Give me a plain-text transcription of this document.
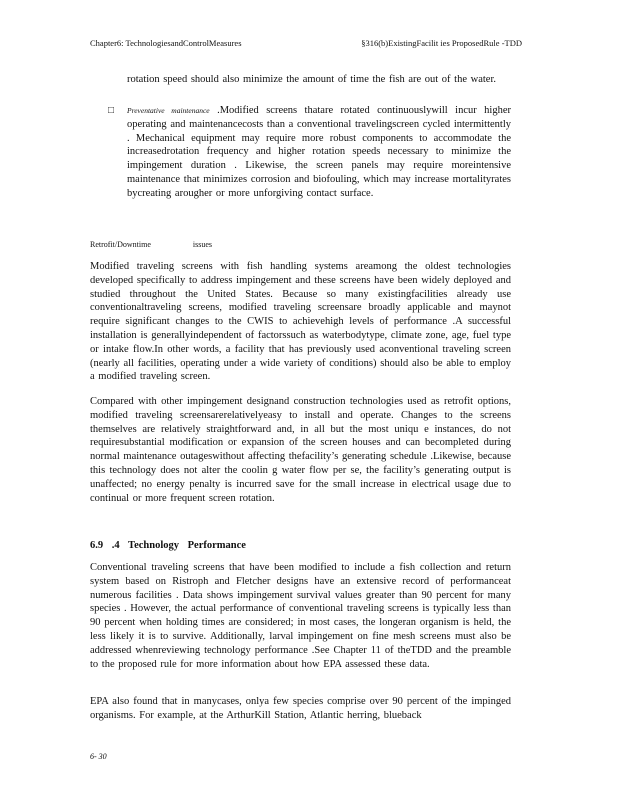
Chapter6: TechnologiesandControlMeasures	§316(b)ExistingFacilit ies ProposedRule -TDD

rotation speed should also minimize the amount of time the fish are out of the water.

□ Preventative maintenance .Modified screens thatare rotated continuouslywill incur higher operating and maintenancecosts than a conventional travelingscreen cycled intermittently . Mechanical equipment may require more robust components to accommodate the increasedrotation frequency and higher rotation speeds necessary to minimize the impingement duration . Likewise, the screen panels may require moreintensive maintenance that minimizes corrosion and biofouling, which may increase mortalityrates bycreating arougher or more unforgiving contact surface.

Retrofit/Downtime issues

Modified traveling screens with fish handling systems areamong the oldest technologies developed specifically to address impingement and these screens have been widely deployed and studied throughout the United States. Because so many existingfacilities already use conventionaltraveling screens, modified traveling screensare broadly applicable and maynot require significant changes to the CWIS to achievehigh levels of performance .A successful installation is generallyindependent of factorssuch as waterbodytype, climate zone, age, fuel type or intake flow.In other words, a facility that has previously used aconventional traveling screen (nearly all facilities, operating under a wide variety of conditions) should also be able to employ a modified traveling screen.

Compared with other impingement designand construction technologies used as retrofit options, modified traveling screensarerelativelyeasy to install and operate. Changes to the screens themselves are relatively straightforward and, in all but the most uniqu e instances, do not requiresubstantial modification or expansion of the screen houses and can becompleted during normal maintenance outageswithout affecting thefacility’s generating schedule .Likewise, because this technology does not alter the coolin g water flow per se, the facility’s generating output is unaffected; no energy penalty is incurred save for the small increase in electrical usage due to continual or more frequent screen rotation.

6.9 .4 Technology Performance

Conventional traveling screens that have been modified to include a fish collection and return system based on Ristroph and Fletcher designs have an extensive record of performanceat numerous facilities . Data shows impingement survival values greater than 90 percent for many species . However, the actual performance of conventional traveling screens is typically less than 90 percent when holding times are considered; in most cases, the longeran organism is held, the less likely it is to survive. Additionally, larval impingement on fine mesh screens must also be addressed whenreviewing technology performance .See Chapter 11 of theTDD and the preamble to the proposed rule for more information about how EPA assessed these data.

EPA also found that in manycases, onlya few species comprise over 90 percent of the impinged organisms. For example, at the ArthurKill Station, Atlantic herring, blueback

6- 30
